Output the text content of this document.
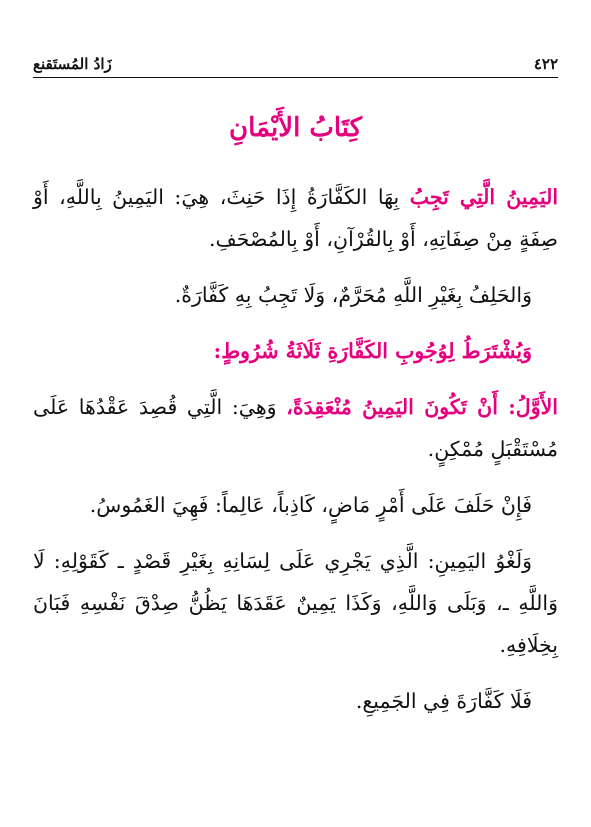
زَادُ المُستَقنع	٤٢٢
كِتَابُ الأَيْمَانِ

اليَمِينُ الَّتِي تَجِبُ بِهَا الكَفَّارَةُ إِذَا حَنِثَ، هِيَ: اليَمِينُ بِاللَّهِ، أَوْ صِفَةٍ مِنْ صِفَاتِهِ، أَوْ بِالقُرْآنِ، أَوْ بِالمُصْحَفِ.

وَالحَلِفُ بِغَيْرِ اللَّهِ مُحَرَّمٌ، وَلَا تَجِبُ بِهِ كَفَّارَةٌ.

وَيُشْتَرَطُ لِوُجُوبِ الكَفَّارَةِ ثَلَاثَةُ شُرُوطٍ:

الأَوَّلُ: أَنْ تَكُونَ اليَمِينُ مُنْعَقِدَةً، وَهِيَ: الَّتِي قُصِدَ عَقْدُهَا عَلَى مُسْتَقْبَلٍ مُمْكِنٍ.

فَإِنْ حَلَفَ عَلَى أَمْرٍ مَاضٍ، كَاذِباً، عَالِماً: فَهِيَ الغَمُوسُ.

وَلَغْوُ اليَمِينِ: الَّذِي يَجْرِي عَلَى لِسَانِهِ بِغَيْرِ قَصْدٍ ـ كَقَوْلِهِ: لَا وَاللَّهِ ـ، وَبَلَى وَاللَّهِ، وَكَذَا يَمِينٌ عَقَدَهَا يَظُنُّ صِدْقَ نَفْسِهِ فَبَانَ بِخِلَافِهِ.

فَلَا كَفَّارَةَ فِي الجَمِيعِ.
